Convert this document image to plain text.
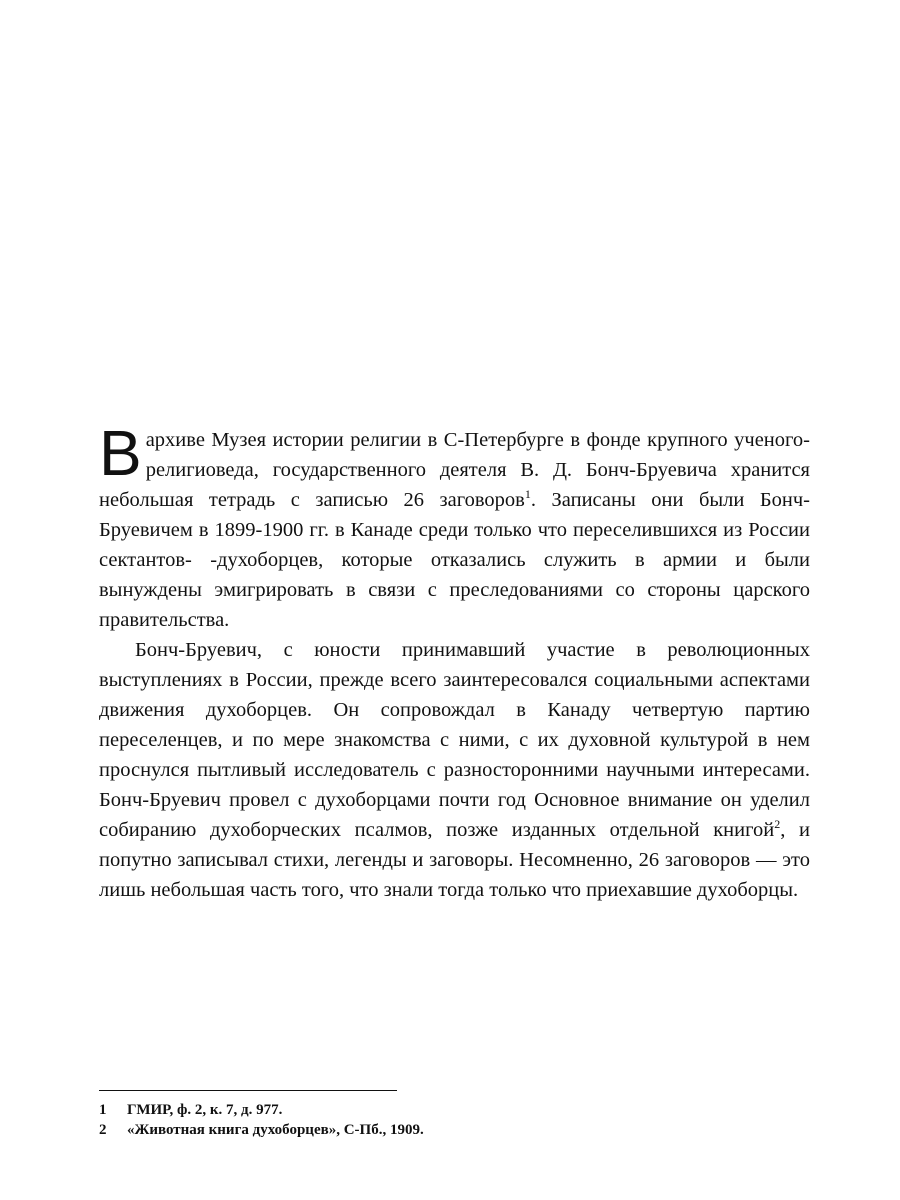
В архиве Музея истории религии в С-Петербурге в фонде крупного ученого-религиоведа, государственного деятеля В. Д. Бонч-Бруевича хранится небольшая тетрадь с записью 26 заговоров$^1$. Записаны они были Бонч-Бруевичем в 1899-1900 гг. в Канаде среди только что переселившихся из России сектантов- -духоборцев, которые отказались служить в армии и были вынуждены эмигрировать в связи с преследованиями со стороны царского правительства.

Бонч-Бруевич, с юности принимавший участие в революционных выступлениях в России, прежде всего заинтересовался социальными аспектами движения духоборцев. Он сопровождал в Канаду четвертую партию переселенцев, и по мере знакомства с ними, с их духовной культурой в нем проснулся пытливый исследователь с разносторонними научными интересами. Бонч-Бруевич провел с духоборцами почти год Основное внимание он уделил собиранию духоборческих псалмов, позже изданных отдельной книгой$^2$, и попутно записывал стихи, легенды и заговоры. Несомненно, 26 заговоров — это лишь небольшая часть того, что знали тогда только что приехавшие духоборцы.

1	ГМИР, ф. 2, к. 7, д. 977.

2	«Животная книга духоборцев», С-Пб., 1909.
